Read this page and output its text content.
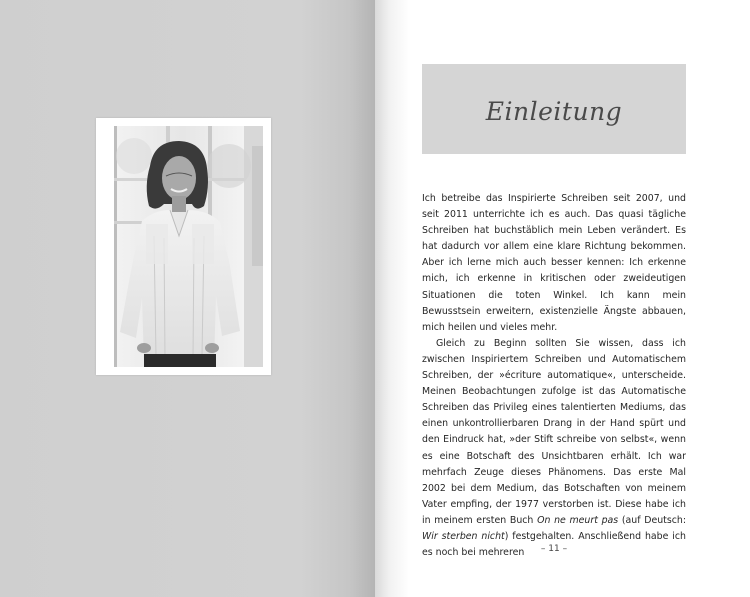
Einleitung

Ich betreibe das Inspirierte Schreiben seit 2007, und seit 2011 unterrichte ich es auch. Das quasi tägliche Schreiben hat buchstäblich mein Leben verändert. Es hat dadurch vor allem eine klare Richtung bekommen. Aber ich lerne mich auch besser kennen: Ich erkenne mich, ich erkenne in kritischen oder zweideutigen Situationen die toten Winkel. Ich kann mein Bewusstsein erweitern, existenzielle Ängste abbauen, mich heilen und vieles mehr.

Gleich zu Beginn sollten Sie wissen, dass ich zwischen Inspiriertem Schreiben und Automatischem Schreiben, der »écriture automatique«, unterscheide. Meinen Beobachtungen zufolge ist das Automatische Schreiben das Privileg eines talentierten Mediums, das einen unkontrollierbaren Drang in der Hand spürt und den Eindruck hat, »der Stift schreibe von selbst«, wenn es eine Botschaft des Unsichtbaren erhält. Ich war mehrfach Zeuge dieses Phänomens. Das erste Mal 2002 bei dem Medium, das Botschaften von meinem Vater empfing, der 1977 verstorben ist. Diese habe ich in meinem ersten Buch On ne meurt pas (auf Deutsch: Wir sterben nicht) festgehalten. Anschließend habe ich es noch bei mehreren	– 11 –
